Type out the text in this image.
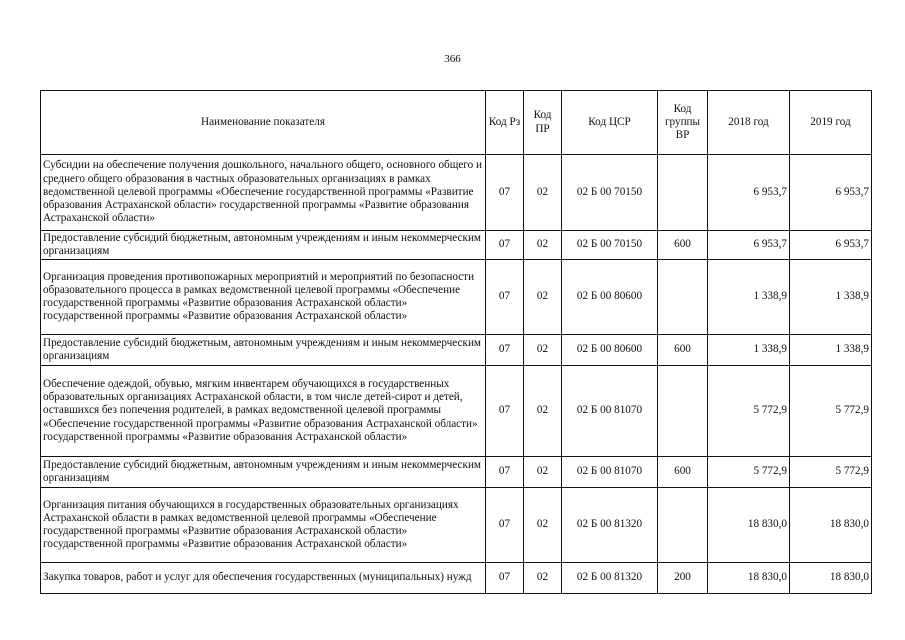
366
Наименование показателя	Код Рз	Код ПР	Код ЦСР	Код группы ВР	2018 год	2019 год
Субсидии на обеспечение получения дошкольного, начального общего, основного общего и среднего общего образования в частных образовательных организациях в рамках ведомственной целевой программы «Обеспечение государственной программы «Развитие образования Астраханской области» государственной программы «Развитие образования Астраханской области»	07	02	02 Б 00 70150		6 953,7	6 953,7
Предоставление субсидий бюджетным, автономным учреждениям и иным некоммерческим организациям	07	02	02 Б 00 70150	600	6 953,7	6 953,7
Организация проведения противопожарных мероприятий и мероприятий по безопасности образовательного процесса в рамках ведомственной целевой программы «Обеспечение государственной программы «Развитие образования Астраханской области» государственной программы «Развитие образования Астраханской области»	07	02	02 Б 00 80600		1 338,9	1 338,9
Предоставление субсидий бюджетным, автономным учреждениям и иным некоммерческим организациям	07	02	02 Б 00 80600	600	1 338,9	1 338,9
Обеспечение одеждой, обувью, мягким инвентарем обучающихся в государственных образовательных организациях Астраханской области, в том числе детей-сирот и детей, оставшихся без попечения родителей, в рамках ведомственной целевой программы «Обеспечение государственной программы «Развитие образования Астраханской области» государственной программы «Развитие образования Астраханской области»	07	02	02 Б 00 81070		5 772,9	5 772,9
Предоставление субсидий бюджетным, автономным учреждениям и иным некоммерческим организациям	07	02	02 Б 00 81070	600	5 772,9	5 772,9
Организация питания обучающихся в государственных образовательных организациях Астраханской области в рамках ведомственной целевой программы «Обеспечение государственной программы «Развитие образования Астраханской области» государственной программы «Развитие образования Астраханской области»	07	02	02 Б 00 81320		18 830,0	18 830,0
Закупка товаров, работ и услуг для обеспечения государственных (муниципальных) нужд	07	02	02 Б 00 81320	200	18 830,0	18 830,0
